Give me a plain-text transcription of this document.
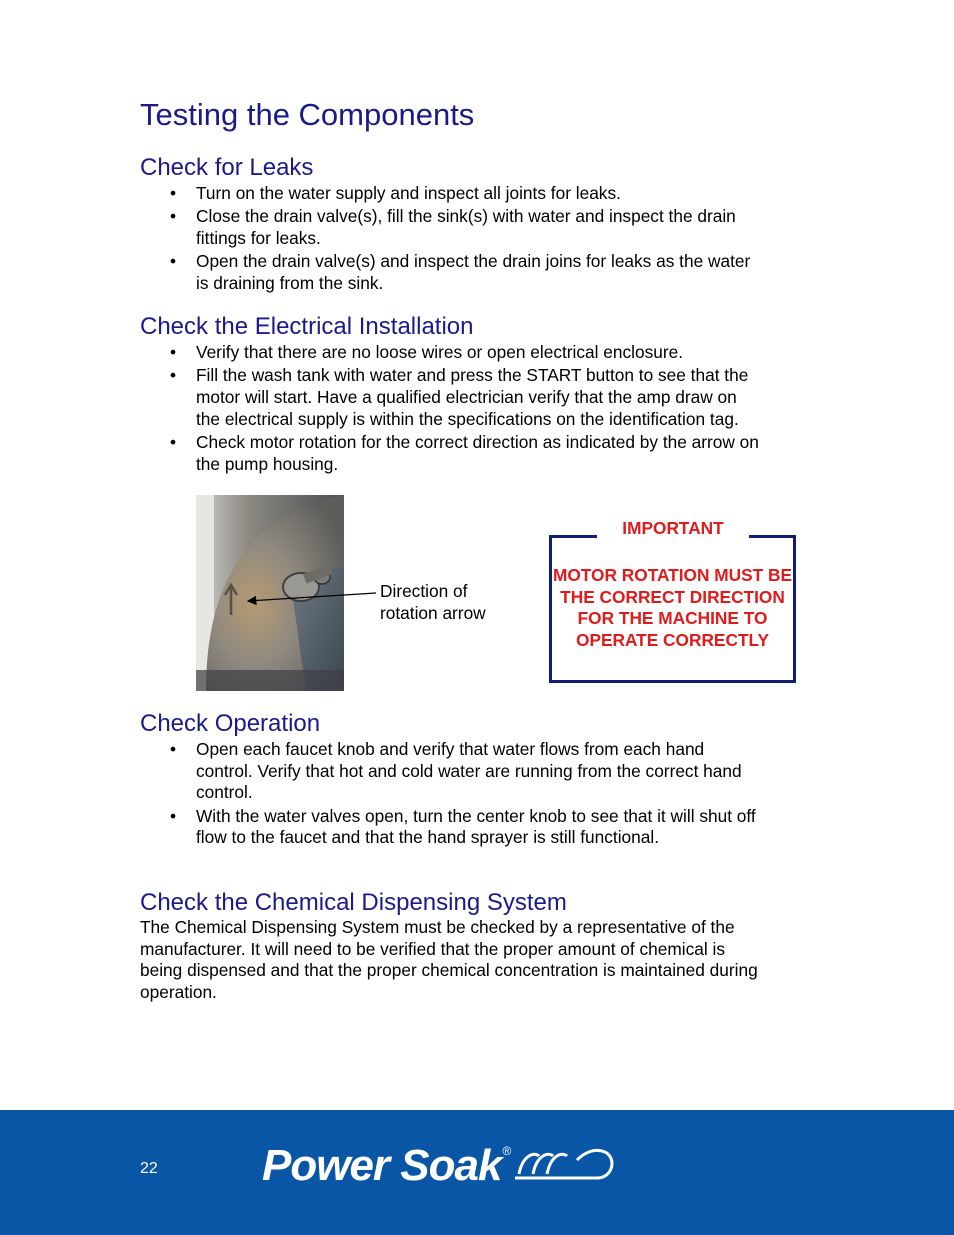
Testing the Components
Check for Leaks
• Turn on the water supply and inspect all joints for leaks.
• Close the drain valve(s), fill the sink(s) with water and inspect the drain fittings for leaks.
• Open the drain valve(s) and inspect the drain joins for leaks as the water is draining from the sink.
Check the Electrical Installation
• Verify that there are no loose wires or open electrical enclosure.
• Fill the wash tank with water and press the START button to see that the motor will start. Have a qualified electrician verify that the amp draw on the electrical supply is within the specifications on the identification tag.
• Check motor rotation for the correct direction as indicated by the arrow on the pump housing.
Direction of rotation arrow
IMPORTANT
MOTOR ROTATION MUST BE THE CORRECT DIRECTION FOR THE MACHINE TO OPERATE CORRECTLY
Check Operation
• Open each faucet knob and verify that water flows from each hand control. Verify that hot and cold water are running from the correct hand control.
• With the water valves open, turn the center knob to see that it will shut off flow to the faucet and that the hand sprayer is still functional.
Check the Chemical Dispensing System

The Chemical Dispensing System must be checked by a representative of the manufacturer. It will need to be verified that the proper amount of chemical is being dispensed and that the proper chemical concentration is maintained during operation.

22 Power Soak ®
